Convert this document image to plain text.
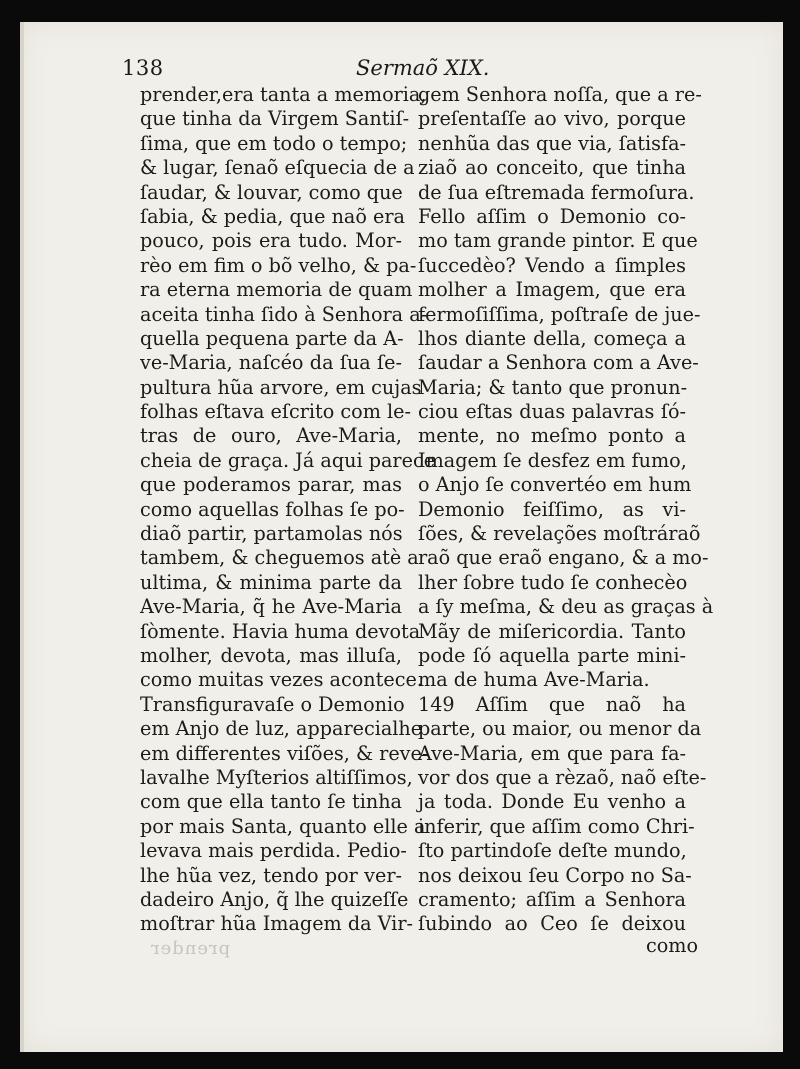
138	Sermaõ XIX.
prender,era tanta a memoria,
que tinha da Virgem Santiſ-
ſima, que em todo o tempo;
& lugar, ſenaõ eſquecia de a
ſaudar, & louvar, como que
ſabia, & pedia, que naõ era
pouco, pois era tudo. Mor-
rèo em fim o bõ velho, & pa-
ra eterna memoria de quam
aceita tinha ſido à Senhora a-
quella pequena parte da A-
ve-Maria, naſcéo da ſua ſe-
pultura hũa arvore, em cujas
folhas eſtava eſcrito com le-
tras de ouro, Ave-Maria,
cheia de graça. Já aqui parece
que poderamos parar, mas
como aquellas folhas ſe po-
diaõ partir, partamolas nós
tambem, & cheguemos atè a
ultima, & minima parte da
Ave-Maria, q̃ he Ave-Maria
ſòmente. Havia huma devota
molher, devota, mas illuſa,
como muitas vezes acontece.
Transfiguravaſe o Demonio
em Anjo de luz, apparecialhe
em differentes viſões, & reve-
lavalhe Myſterios altiſſimos,
com que ella tanto ſe tinha
por mais Santa, quanto elle a
levava mais perdida. Pedio-
lhe hũa vez, tendo por ver-
dadeiro Anjo, q̃ lhe quizeſſe
moſtrar hũa Imagem da Vir-
gem Senhora noſſa, que a re-
preſentaſſe ao vivo, porque
nenhũa das que via, ſatisfa-
ziaõ ao conceito, que tinha
de ſua eſtremada fermoſura.
Fello aſſim o Demonio co-
mo tam grande pintor. E que
ſuccedèo? Vendo a ſimples
molher a Imagem, que era
fermoſiſſima, poſtraſe de jue-
lhos diante della, começa a
ſaudar a Senhora com a Ave-
Maria; & tanto que pronun-
ciou eſtas duas palavras ſó-
mente, no meſmo ponto a
Imagem ſe desfez em fumo,
o Anjo ſe convertéo em hum
Demonio feiſſimo, as vi-
ſões, & revelações moſtráraõ
raõ que eraõ engano, & a mo-
lher ſobre tudo ſe conhecèo
a ſy meſma, & deu as graças à
Mãy de miſericordia. Tanto
pode ſó aquella parte mini-
ma de huma Ave-Maria.
149 Aſſim que naõ ha
parte, ou maior, ou menor da
Ave-Maria, em que para fa-
vor dos que a rèzaõ, naõ eſte-
ja toda. Donde Eu venho a
inferir, que aſſim como Chri-
ſto partindoſe deſte mundo,
nos deixou ſeu Corpo no Sa-
cramento; aſſim a Senhora
ſubindo ao Ceo ſe deixou
como
prender
